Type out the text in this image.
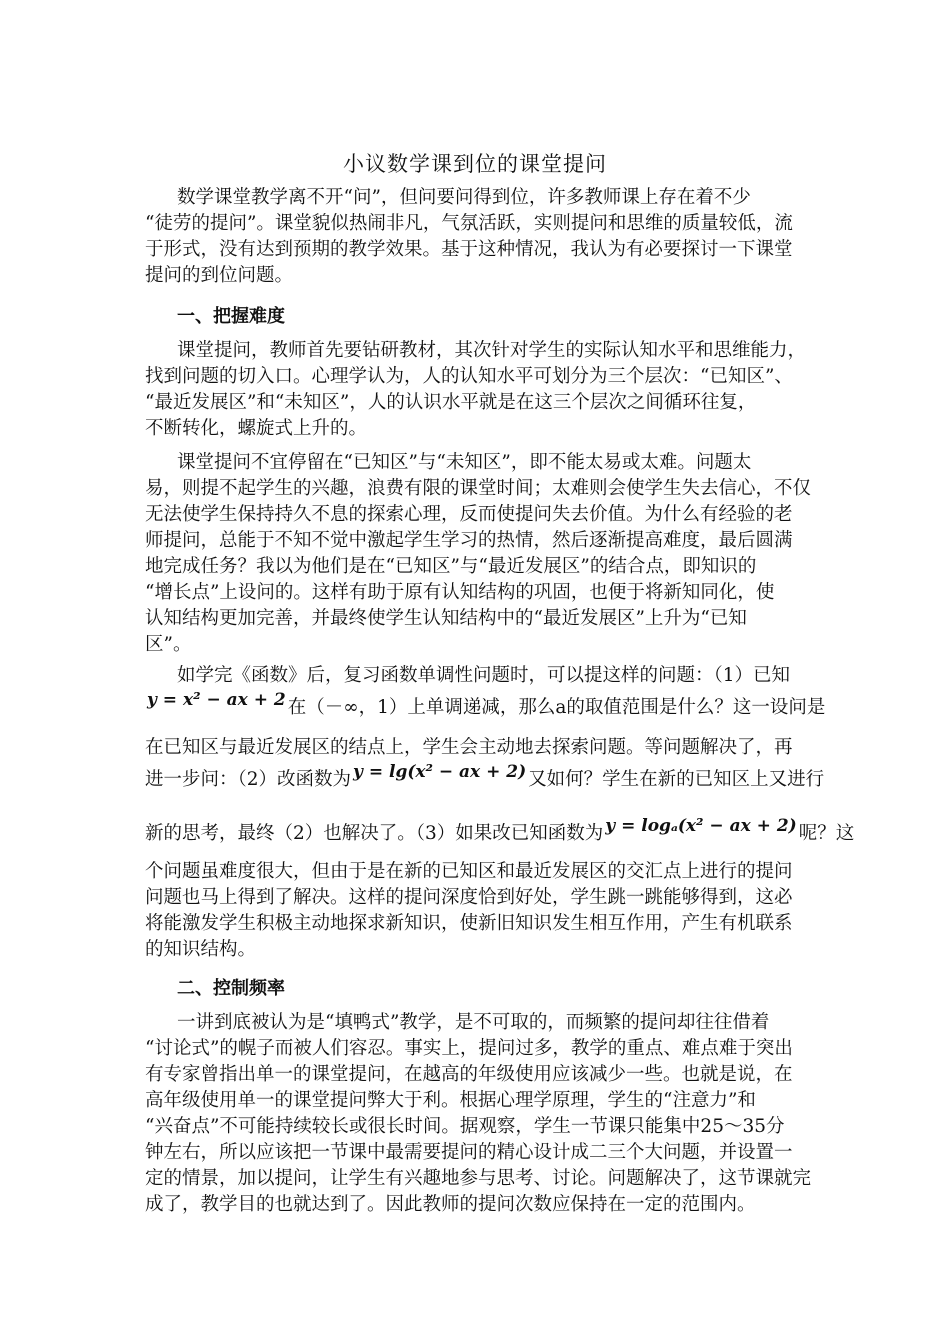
小议数学课到位的课堂提问
数学课堂教学离不开“问”，但问要问得到位，许多教师课上存在着不少
“徒劳的提问”。课堂貌似热闹非凡，气氛活跃，实则提问和思维的质量较低，流
于形式，没有达到预期的教学效果。基于这种情况，我认为有必要探讨一下课堂
提问的到位问题。
一、把握难度
课堂提问，教师首先要钻研教材，其次针对学生的实际认知水平和思维能力，
找到问题的切入口。心理学认为，人的认知水平可划分为三个层次：“已知区”、
“最近发展区”和“未知区”，人的认识水平就是在这三个层次之间循环往复，
不断转化，螺旋式上升的。
课堂提问不宜停留在“已知区”与“未知区”，即不能太易或太难。问题太
易，则提不起学生的兴趣，浪费有限的课堂时间；太难则会使学生失去信心，不仅
无法使学生保持持久不息的探索心理，反而使提问失去价值。为什么有经验的老
师提问，总能于不知不觉中激起学生学习的热情，然后逐渐提高难度，最后圆满
地完成任务？我以为他们是在“已知区”与“最近发展区”的结合点，即知识的
“增长点”上设问的。这样有助于原有认知结构的巩固，也便于将新知同化，使
认知结构更加完善，并最终使学生认知结构中的“最近发展区”上升为“已知
区”。
如学完《函数》后，复习函数单调性问题时，可以提这样的问题：（1）已知
y = x² − ax + 2 在（－∞，1）上单调递减，那么a的取值范围是什么？这一设问是
在已知区与最近发展区的结点上，学生会主动地去探索问题。等问题解决了，再
进一步问：（2）改函数为 y = lg(x² − ax + 2) 又如何？学生在新的已知区上又进行
新的思考，最终（2）也解决了。（3）如果改已知函数为 y = logₐ(x² − ax + 2) 呢？这
个问题虽难度很大，但由于是在新的已知区和最近发展区的交汇点上进行的提问
问题也马上得到了解决。这样的提问深度恰到好处，学生跳一跳能够得到，这必
将能激发学生积极主动地探求新知识，使新旧知识发生相互作用，产生有机联系
的知识结构。
二、控制频率
一讲到底被认为是“填鸭式”教学，是不可取的，而频繁的提问却往往借着
“讨论式”的幌子而被人们容忍。事实上，提问过多，教学的重点、难点难于突出
有专家曾指出单一的课堂提问，在越高的年级使用应该减少一些。也就是说，在
高年级使用单一的课堂提问弊大于利。根据心理学原理，学生的“注意力”和
“兴奋点”不可能持续较长或很长时间。据观察，学生一节课只能集中25～35分
钟左右，所以应该把一节课中最需要提问的精心设计成二三个大问题，并设置一
定的情景，加以提问，让学生有兴趣地参与思考、讨论。问题解决了，这节课就完
成了，教学目的也就达到了。因此教师的提问次数应保持在一定的范围内。
